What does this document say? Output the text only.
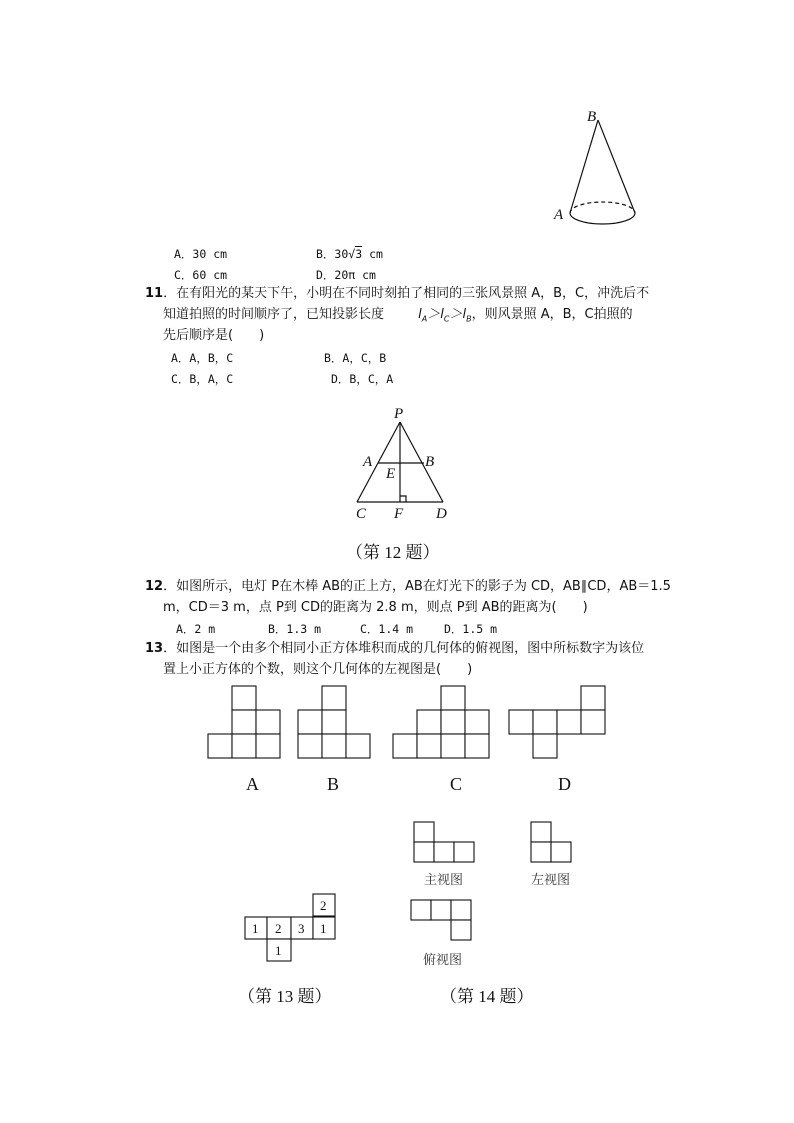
B
A
A．30 cm	B．30√3 cm
C．60 cm	D．20π cm
11．在有阳光的某天下午，小明在不同时刻拍了相同的三张风景照 A，B，C，冲洗后不
知道拍照的时间顺序了，已知投影长度	$l_A>l_C>l_B$，则风景照 A，B，C拍照的
先后顺序是(　　)
A．A，B，C	B．A，C，B
C．B，A，C	D．B，C，A
P
A	B
E
C F D
（第 12 题）
12．如图所示，电灯 P在木棒 AB的正上方，AB在灯光下的影子为 CD，AB∥CD，AB＝1.5
m，CD＝3 m，点 P到 CD的距离为 2.8 m，则点 P到 AB的距离为(　　)
A．2 m	B．1.3 m	C．1.4 m	D．1.5 m
13．如图是一个由多个相同小正方体堆积而成的几何体的俯视图，图中所标数字为该位
置上小正方体的个数，则这个几何体的左视图是(　　)
A	B	C	D
主视图	左视图
俯视图
2
1 2 3 1
1
（第 13 题）	（第 14 题）
